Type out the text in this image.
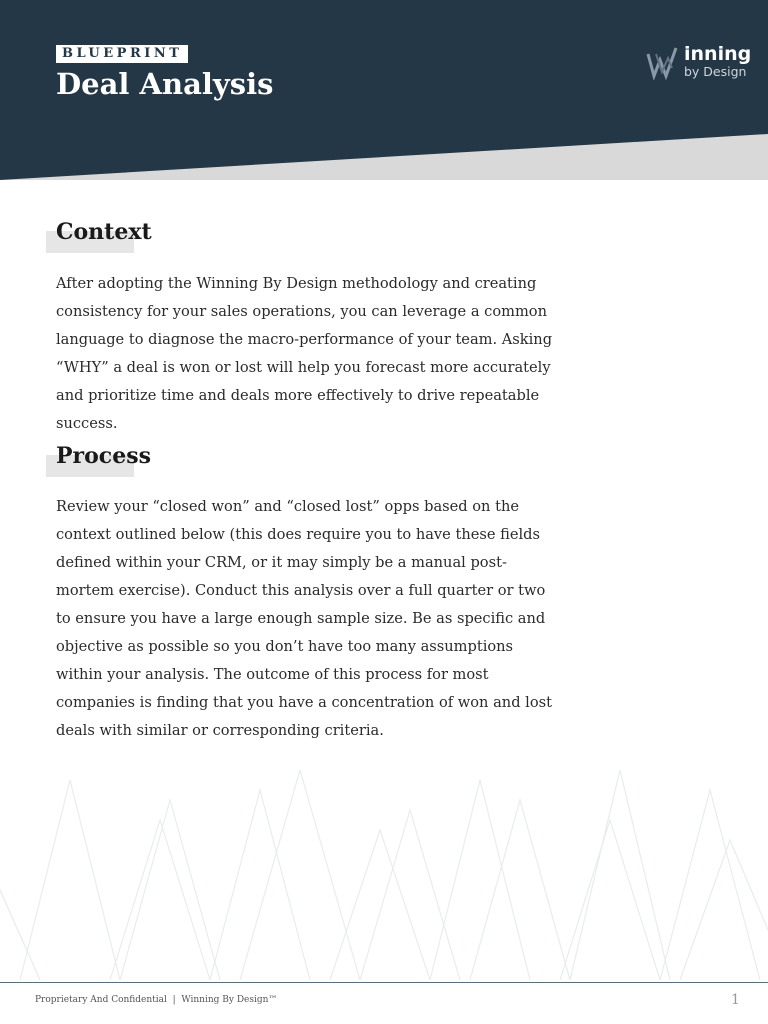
BLUEPRINT
Deal Analysis
inning
by Design
Context

After adopting the Winning By Design methodology and creating consistency for your sales operations, you can leverage a common language to diagnose the macro-performance of your team. Asking “WHY” a deal is won or lost will help you forecast more accurately and prioritize time and deals more effectively to drive repeatable success.

Process

Review your “closed won” and “closed lost” opps based on the context outlined below (this does require you to have these fields defined within your CRM, or it may simply be a manual post-mortem exercise). Conduct this analysis over a full quarter or two to ensure you have a large enough sample size. Be as specific and objective as possible so you don’t have too many assumptions within your analysis. The outcome of this process for most companies is finding that you have a concentration of won and lost deals with similar or corresponding criteria.

Proprietary And Confidential  |  Winning By Design™	1
